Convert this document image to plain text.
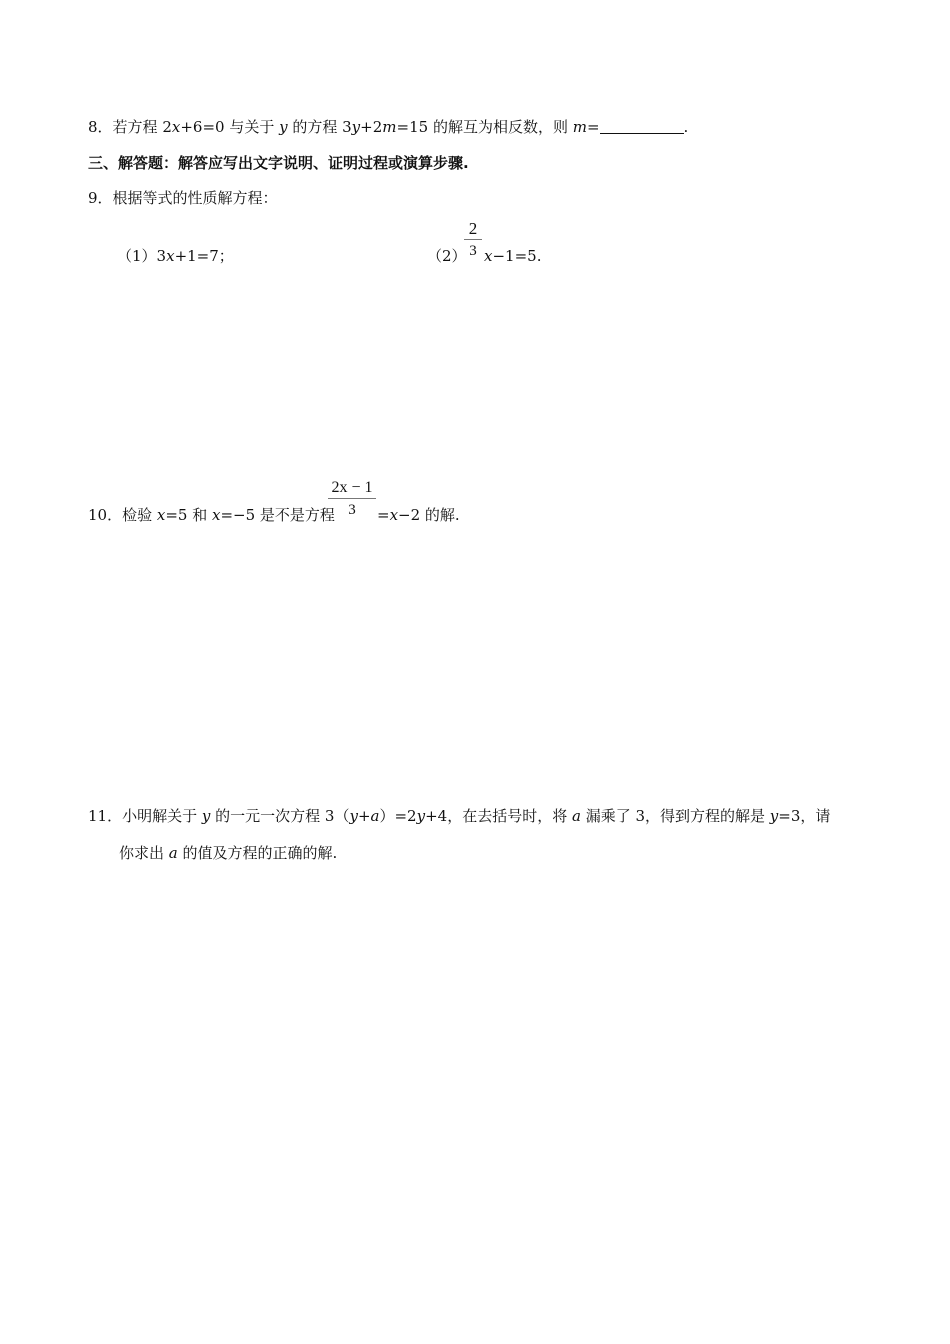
8．若方程 2x+6=0 与关于 y 的方程 3y+2m=15 的解互为相反数，则 m=	.
三、解答题：解答应写出文字说明、证明过程或演算步骤.
9．根据等式的性质解方程：
（1）3x+1=7；	（2）
2
3 x−1=5.
10．检验 x=5 和 x=−5 是不是方程
2x − 1
3	=x−2 的解.
11．小明解关于 y 的一元一次方程 3（y+a）=2y+4，在去括号时，将 a 漏乘了 3，得到方程的解是 y=3，请
你求出 a 的值及方程的正确的解.
